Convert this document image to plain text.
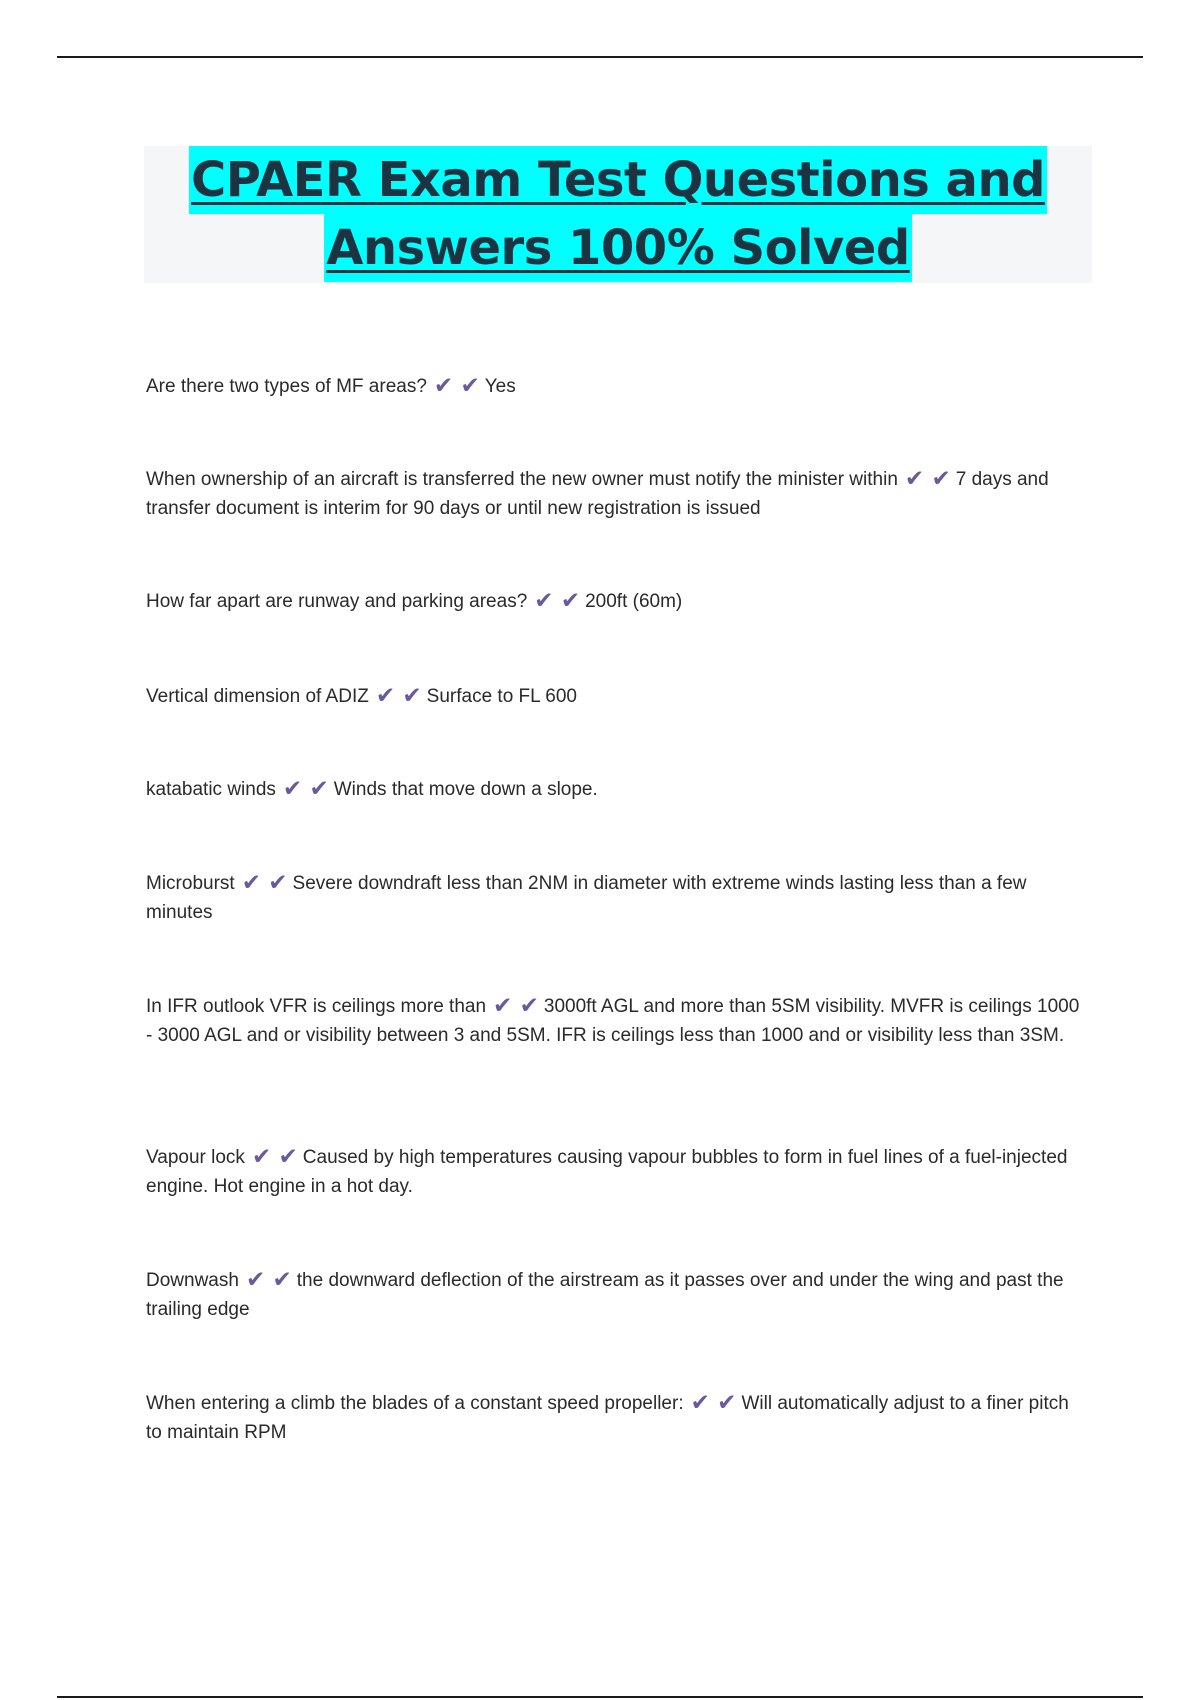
CPAER Exam Test Questions and
Answers 100% Solved

Are there two types of MF areas? ✔ ✔ Yes

When ownership of an aircraft is transferred the new owner must notify the minister within ✔ ✔ 7 days and transfer document is interim for 90 days or until new registration is issued

How far apart are runway and parking areas? ✔ ✔ 200ft (60m)

Vertical dimension of ADIZ ✔ ✔ Surface to FL 600

katabatic winds ✔ ✔ Winds that move down a slope.

Microburst ✔ ✔ Severe downdraft less than 2NM in diameter with extreme winds lasting less than a few minutes

In IFR outlook VFR is ceilings more than ✔ ✔ 3000ft AGL and more than 5SM visibility. MVFR is ceilings 1000 - 3000 AGL and or visibility between 3 and 5SM. IFR is ceilings less than 1000 and or visibility less than 3SM.

Vapour lock ✔ ✔ Caused by high temperatures causing vapour bubbles to form in fuel lines of a fuel-injected engine. Hot engine in a hot day.

Downwash ✔ ✔ the downward deflection of the airstream as it passes over and under the wing and past the trailing edge

When entering a climb the blades of a constant speed propeller: ✔ ✔ Will automatically adjust to a finer pitch to maintain RPM
